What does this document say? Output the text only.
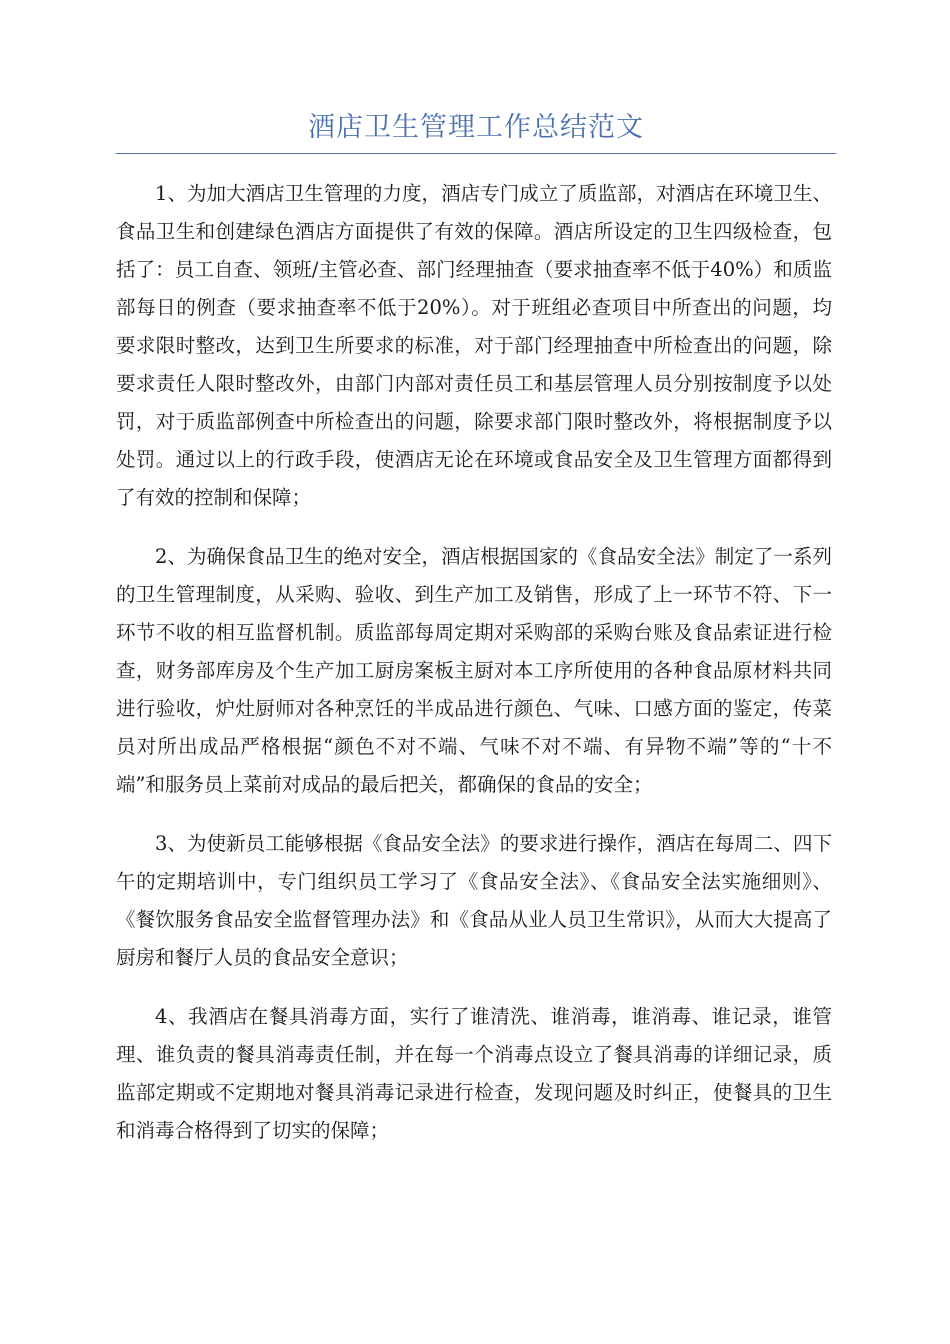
酒店卫生管理工作总结范文

1、为加大酒店卫生管理的力度，酒店专门成立了质监部，对酒店在环境卫生、食品卫生和创建绿色酒店方面提供了有效的保障。酒店所设定的卫生四级检查，包括了：员工自查、领班/主管必查、部门经理抽查（要求抽查率不低于40%）和质监部每日的例查（要求抽查率不低于20%）。对于班组必查项目中所查出的问题，均要求限时整改，达到卫生所要求的标准，对于部门经理抽查中所检查出的问题，除要求责任人限时整改外，由部门内部对责任员工和基层管理人员分别按制度予以处罚，对于质监部例查中所检查出的问题，除要求部门限时整改外，将根据制度予以处罚。通过以上的行政手段，使酒店无论在环境或食品安全及卫生管理方面都得到了有效的控制和保障；

2、为确保食品卫生的绝对安全，酒店根据国家的《食品安全法》制定了一系列的卫生管理制度，从采购、验收、到生产加工及销售，形成了上一环节不符、下一环节不收的相互监督机制。质监部每周定期对采购部的采购台账及食品索证进行检查，财务部库房及个生产加工厨房案板主厨对本工序所使用的各种食品原材料共同进行验收，炉灶厨师对各种烹饪的半成品进行颜色、气味、口感方面的鉴定，传菜员对所出成品严格根据“颜色不对不端、气味不对不端、有异物不端”等的“十不端”和服务员上菜前对成品的最后把关，都确保的食品的安全；

3、为使新员工能够根据《食品安全法》的要求进行操作，酒店在每周二、四下午的定期培训中，专门组织员工学习了《食品安全法》、《食品安全法实施细则》、《餐饮服务食品安全监督管理办法》和《食品从业人员卫生常识》，从而大大提高了厨房和餐厅人员的食品安全意识；

4、我酒店在餐具消毒方面，实行了谁清洗、谁消毒，谁消毒、谁记录，谁管理、谁负责的餐具消毒责任制，并在每一个消毒点设立了餐具消毒的详细记录，质监部定期或不定期地对餐具消毒记录进行检查，发现问题及时纠正，使餐具的卫生和消毒合格得到了切实的保障；
